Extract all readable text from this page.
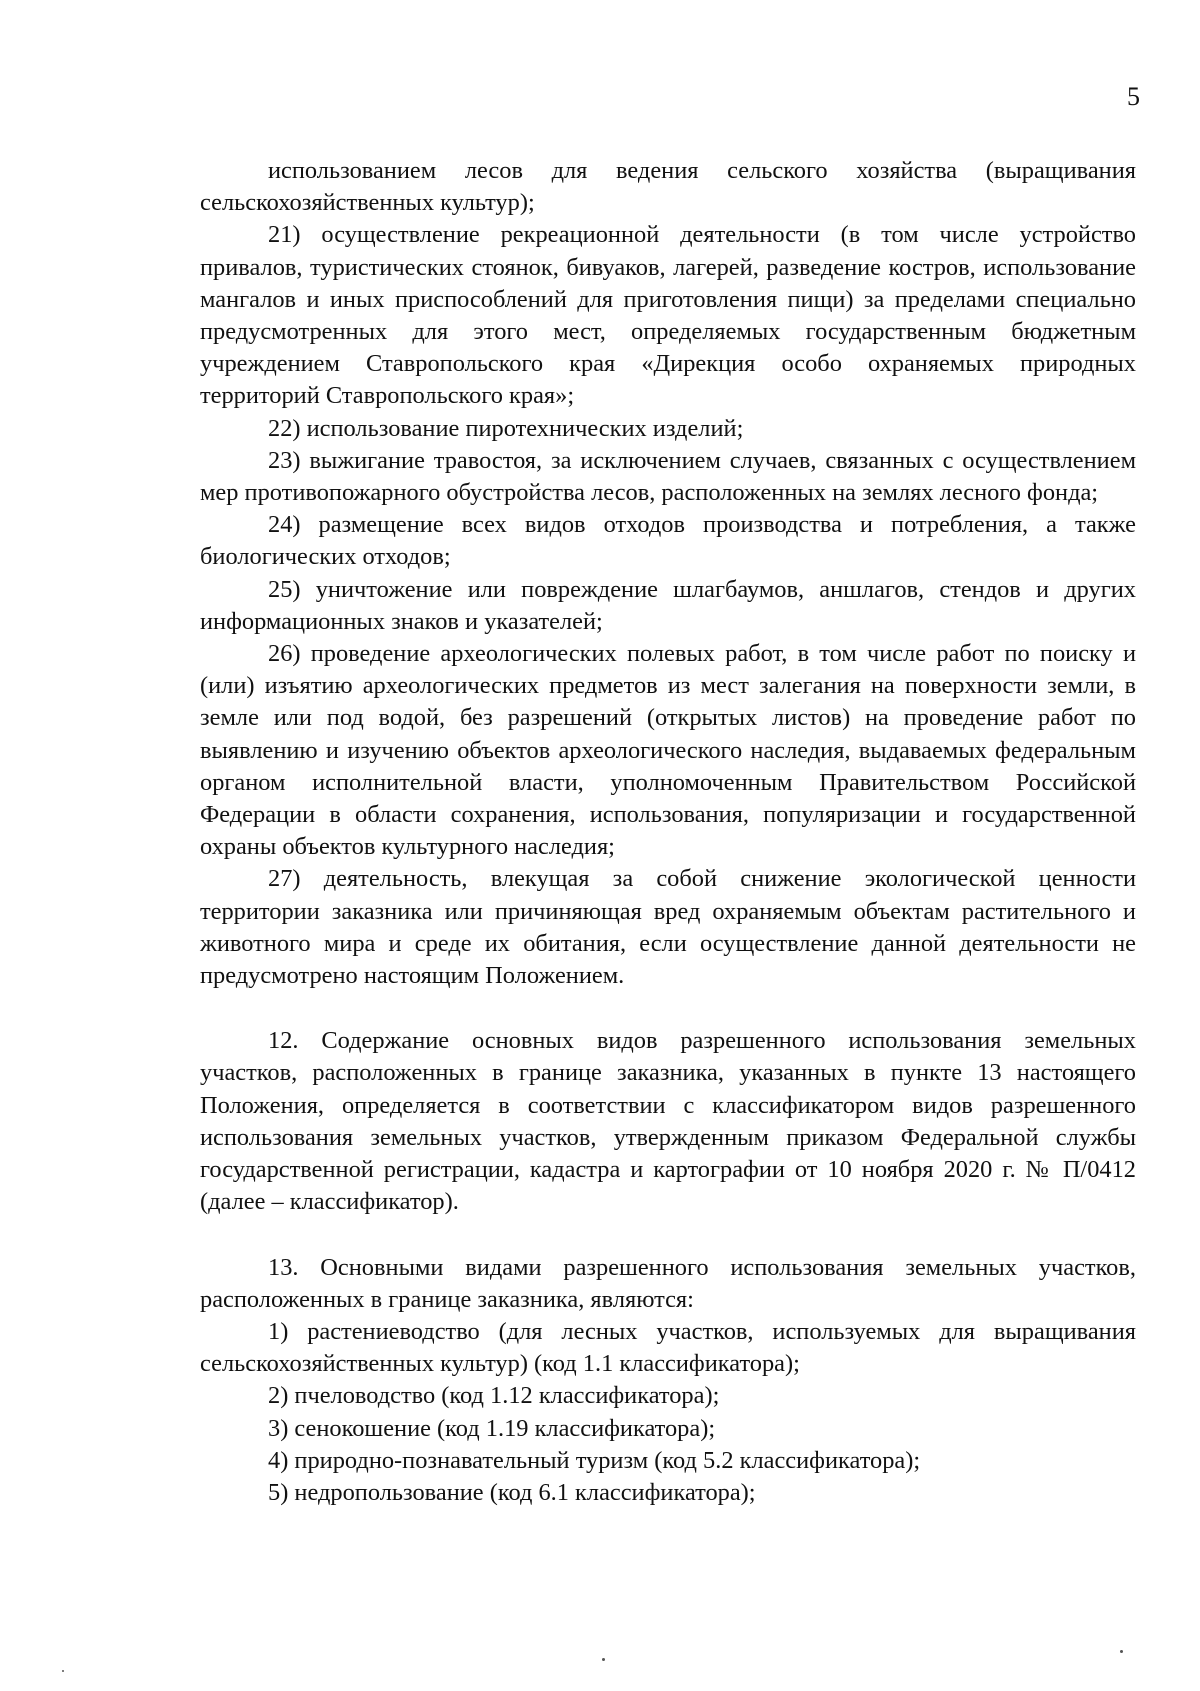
5

использованием лесов для ведения сельского хозяйства (выращивания сельскохозяйственных культур);

21) осуществление рекреационной деятельности (в том числе устройство привалов, туристических стоянок, бивуаков, лагерей, разведение костров, использование мангалов и иных приспособлений для приготовления пищи) за пределами специально предусмотренных для этого мест, определяемых государственным бюджетным учреждением Ставропольского края «Дирекция особо охраняемых природных территорий Ставропольского края»;

22) использование пиротехнических изделий;

23) выжигание травостоя, за исключением случаев, связанных с осуществлением мер противопожарного обустройства лесов, расположенных на землях лесного фонда;

24) размещение всех видов отходов производства и потребления, а также биологических отходов;

25) уничтожение или повреждение шлагбаумов, аншлагов, стендов и других информационных знаков и указателей;

26) проведение археологических полевых работ, в том числе работ по поиску и (или) изъятию археологических предметов из мест залегания на поверхности земли, в земле или под водой, без разрешений (открытых листов) на проведение работ по выявлению и изучению объектов археологического наследия, выдаваемых федеральным органом исполнительной власти, уполномоченным Правительством Российской Федерации в области сохранения, использования, популяризации и государственной охраны объектов культурного наследия;

27) деятельность, влекущая за собой снижение экологической ценности территории заказника или причиняющая вред охраняемым объектам растительного и животного мира и среде их обитания, если осуществление данной деятельности не предусмотрено настоящим Положением.

12. Содержание основных видов разрешенного использования земельных участков, расположенных в границе заказника, указанных в пункте 13 настоящего Положения, определяется в соответствии с классификатором видов разрешенного использования земельных участков, утвержденным приказом Федеральной службы государственной регистрации, кадастра и картографии от 10 ноября 2020 г. № П/0412 (далее – классификатор).

13. Основными видами разрешенного использования земельных участков, расположенных в границе заказника, являются:

1) растениеводство (для лесных участков, используемых для выращивания сельскохозяйственных культур) (код 1.1 классификатора);

2) пчеловодство (код 1.12 классификатора);

3) сенокошение (код 1.19 классификатора);

4) природно-познавательный туризм (код 5.2 классификатора);

5) недропользование (код 6.1 классификатора);
